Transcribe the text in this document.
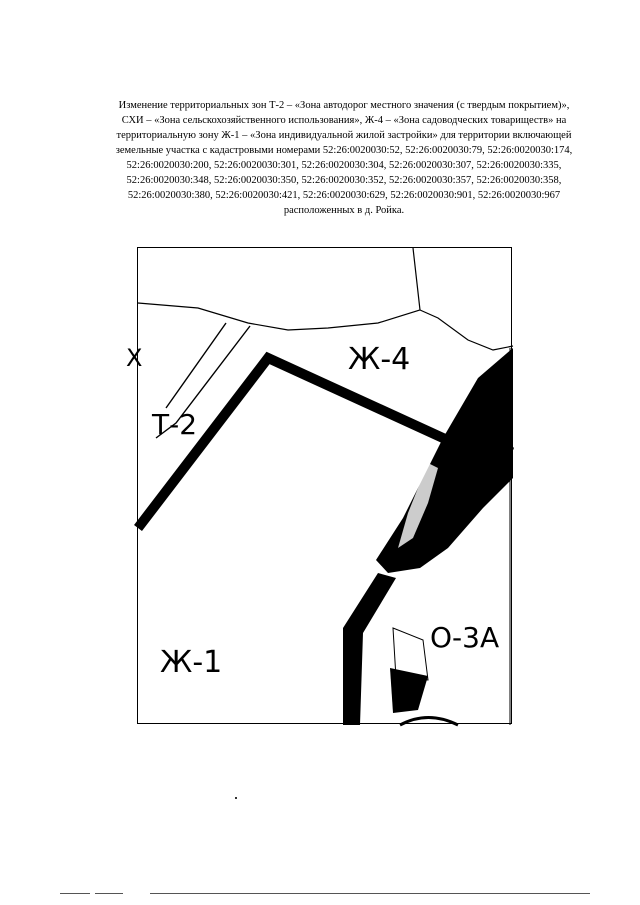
Изменение территориальных зон Т-2 – «Зона автодорог местного значения (с твердым покрытием)», СХИ – «Зона сельскохозяйственного использования», Ж-4 – «Зона садоводческих товариществ» на территориальную зону Ж-1 – «Зона индивидуальной жилой застройки» для территории включающей земельные участка с кадастровыми номерами 52:26:0020030:52, 52:26:0020030:79, 52:26:0020030:174, 52:26:0020030:200, 52:26:0020030:301, 52:26:0020030:304, 52:26:0020030:307, 52:26:0020030:335, 52:26:0020030:348, 52:26:0020030:350, 52:26:0020030:352, 52:26:0020030:357, 52:26:0020030:358, 52:26:0020030:380, 52:26:0020030:421, 52:26:0020030:629, 52:26:0020030:901, 52:26:0020030:967 расположенных в д. Ройка.

Ж-4
Т-2
Ж-1
О-3А
О-
Х
